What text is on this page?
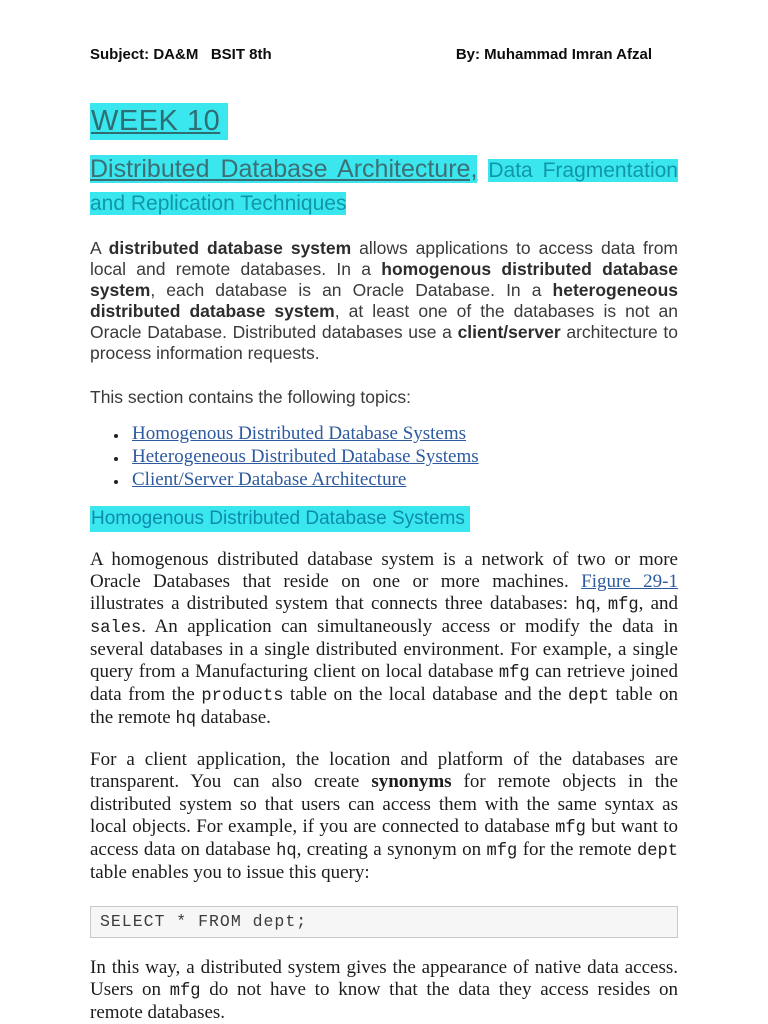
Subject: DA&M   BSIT 8th	By: Muhammad Imran Afzal
WEEK 10
Distributed Database Architecture, Data Fragmentation and Replication Techniques
A distributed database system allows applications to access data from local and remote databases. In a homogenous distributed database system, each database is an Oracle Database. In a heterogeneous distributed database system, at least one of the databases is not an Oracle Database. Distributed databases use a client/server architecture to process information requests.
This section contains the following topics:
• Homogenous Distributed Database Systems
• Heterogeneous Distributed Database Systems
• Client/Server Database Architecture
Homogenous Distributed Database Systems
A homogenous distributed database system is a network of two or more Oracle Databases that reside on one or more machines. Figure 29-1 illustrates a distributed system that connects three databases: hq, mfg, and sales. An application can simultaneously access or modify the data in several databases in a single distributed environment. For example, a single query from a Manufacturing client on local database mfg can retrieve joined data from the products table on the local database and the dept table on the remote hq database.
For a client application, the location and platform of the databases are transparent. You can also create synonyms for remote objects in the distributed system so that users can access them with the same syntax as local objects. For example, if you are connected to database mfg but want to access data on database hq, creating a synonym on mfg for the remote dept table enables you to issue this query:
SELECT * FROM dept;
In this way, a distributed system gives the appearance of native data access. Users on mfg do not have to know that the data they access resides on remote databases.
